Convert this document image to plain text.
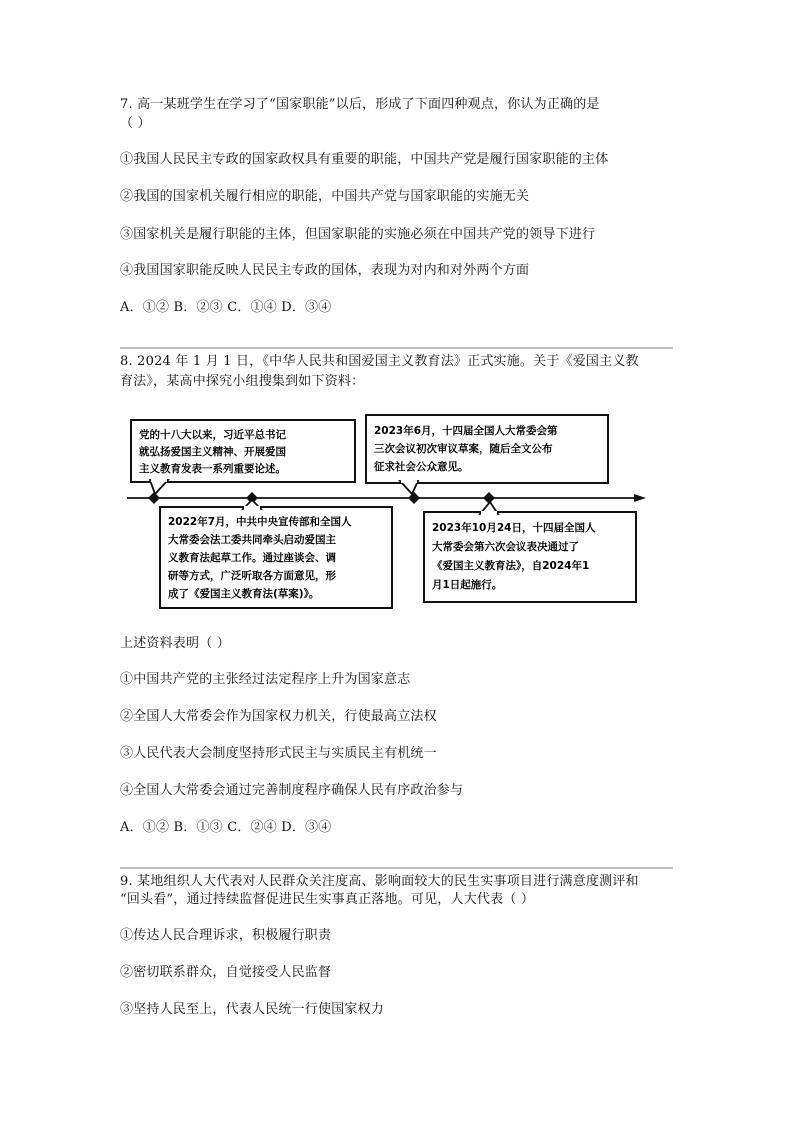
7. 高一某班学生在学习了“国家职能”以后，形成了下面四种观点，你认为正确的是
（ ）
①我国人民民主专政的国家政权具有重要的职能，中国共产党是履行国家职能的主体
②我国的国家机关履行相应的职能，中国共产党与国家职能的实施无关
③国家机关是履行职能的主体，但国家职能的实施必须在中国共产党的领导下进行
④我国国家职能反映人民民主专政的国体，表现为对内和对外两个方面
A．①② B．②③ C．①④ D．③④
8. 2024 年 1 月 1 日，《中华人民共和国爱国主义教育法》正式实施。关于《爱国主义教
育法》，某高中探究小组搜集到如下资料：
党的十八大以来，习近平总书记
就弘扬爱国主义精神、开展爱国
主义教育发表一系列重要论述。
2022年7月，中共中央宣传部和全国人
大常委会法工委共同牵头启动爱国主
义教育法起草工作。通过座谈会、调
研等方式，广泛听取各方面意见，形
成了《爱国主义教育法(草案)》。
2023年6月，十四届全国人大常委会第
三次会议初次审议草案，随后全文公布
征求社会公众意见。
2023年10月24日，十四届全国人
大常委会第六次会议表决通过了
《爱国主义教育法》，自2024年1
月1日起施行。
上述资料表明（ ）
①中国共产党的主张经过法定程序上升为国家意志
②全国人大常委会作为国家权力机关，行使最高立法权
③人民代表大会制度坚持形式民主与实质民主有机统一
④全国人大常委会通过完善制度程序确保人民有序政治参与
A．①② B．①③ C．②④ D．③④
9. 某地组织人大代表对人民群众关注度高、影响面较大的民生实事项目进行满意度测评和
“回头看”，通过持续监督促进民生实事真正落地。可见，人大代表（ ）
①传达人民合理诉求，积极履行职责
②密切联系群众，自觉接受人民监督
③坚持人民至上，代表人民统一行使国家权力
